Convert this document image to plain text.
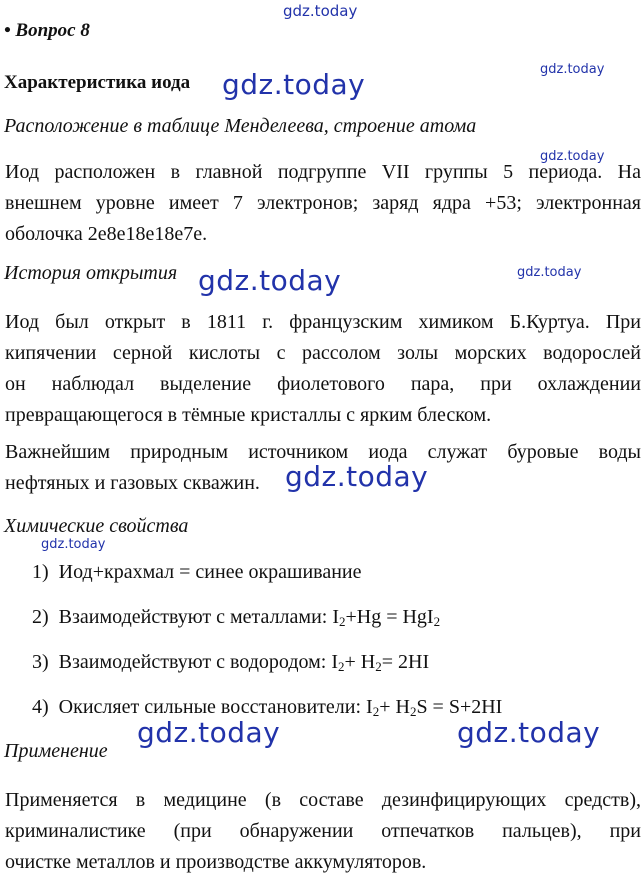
gdz.today
• Вопрос 8
Характеристика иода gdz.today	gdz.today
Расположение в таблице Менделеева, строение атома
gdz.today
Иод расположен в главной подгруппе VII группы 5 периода. На
внешнем уровне имеет 7 электронов; заряд ядра +53; электронная
оболочка 2е8е18е18е7е.
История открытия gdz.today	gdz.today
Иод был открыт в 1811 г. французским химиком Б.Куртуа. При
кипячении серной кислоты с рассолом золы морских водорослей
он наблюдал выделение фиолетового пара, при охлаждении
превращающегося в тёмные кристаллы с ярким блеском.
Важнейшим природным источником иода служат буровые воды
нефтяных и газовых скважин. gdz.today
Химические свойства
gdz.today
1) Иод+крахмал = синее окрашивание
2) Взаимодействуют с металлами: $I_2+Hg = HgI_2$
3) Взаимодействуют с водородом: $I_2+ H_2= 2HI$
4) Окисляет сильные восстановители: $I_2+ H_2S = S+2HI$
Применение
gdz.today	gdz.today
Применяется в медицине (в составе дезинфицирующих средств),
криминалистике (при обнаружении отпечатков пальцев), при
очистке металлов и производстве аккумуляторов.
